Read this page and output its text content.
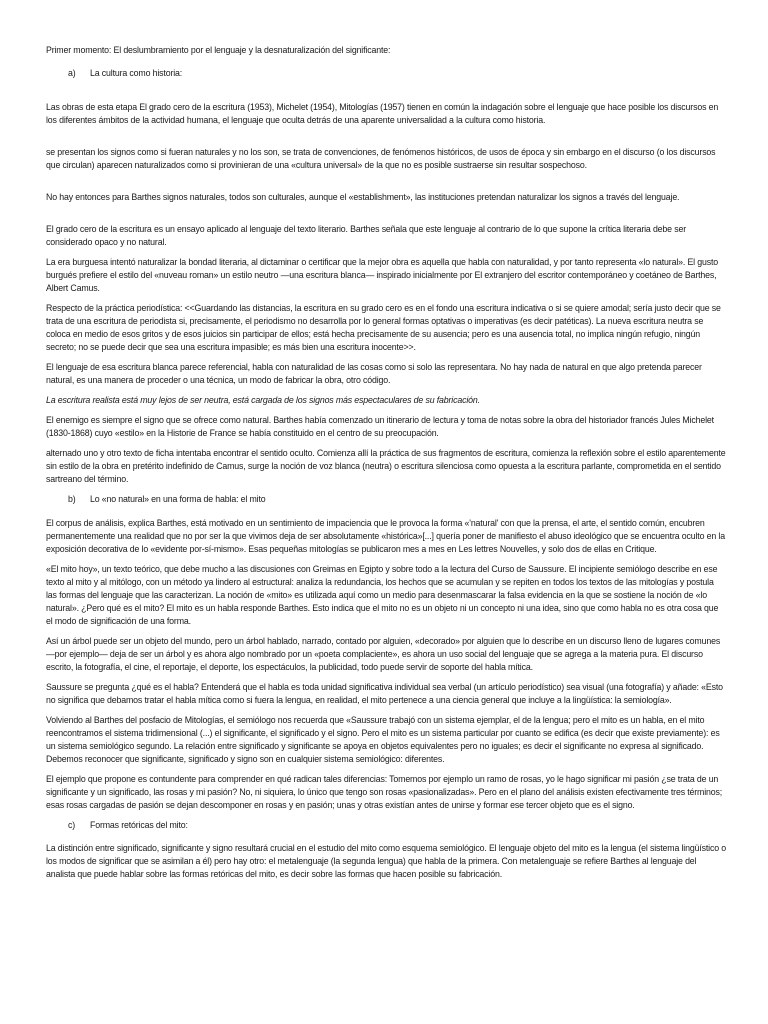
Primer momento: El deslumbramiento por el lenguaje y la desnaturalización del significante:

a) La cultura como historia:

Las obras de esta etapa El grado cero de la escritura (1953), Michelet (1954), Mitologías (1957) tienen en común la indagación sobre el lenguaje que hace posible los discursos en los diferentes ámbitos de la actividad humana, el lenguaje que oculta detrás de una aparente universalidad a la cultura como historia.

se presentan los signos como si fueran naturales y no los son, se trata de convenciones, de fenómenos históricos, de usos de época y sin embargo en el discurso (o los discursos que circulan) aparecen naturalizados como si provinieran de una «cultura universal» de la que no es posible sustraerse sin resultar sospechoso.

No hay entonces para Barthes signos naturales, todos son culturales, aunque el «establishment», las instituciones pretendan naturalizar los signos a través del lenguaje.

El grado cero de la escritura es un ensayo aplicado al lenguaje del texto literario. Barthes señala que este lenguaje al contrario de lo que supone la crítica literaria debe ser considerado opaco y no natural.

La era burguesa intentó naturalizar la bondad literaria, al dictaminar o certificar que la mejor obra es aquella que habla con naturalidad, y por tanto representa «lo natural». El gusto burgués prefiere el estilo del «nuveau roman» un estilo neutro —una escritura blanca— inspirado inicialmente por El extranjero del escritor contemporáneo y coetáneo de Barthes, Albert Camus.

Respecto de la práctica periodística: <<Guardando las distancias, la escritura en su grado cero es en el fondo una escritura indicativa o si se quiere amodal; sería justo decir que se trata de una escritura de periodista si, precisamente, el periodismo no desarrolla por lo general formas optativas o imperativas (es decir patéticas). La nueva escritura neutra se coloca en medio de esos gritos y de esos juicios sin participar de ellos; está hecha precisamente de su ausencia; pero es una ausencia total, no implica ningún refugio, ningún secreto; no se puede decir que sea una escritura impasible; es más bien una escritura inocente>>.

El lenguaje de esa escritura blanca parece referencial, habla con naturalidad de las cosas como si solo las representara. No hay nada de natural en que algo pretenda parecer natural, es una manera de proceder o una técnica, un modo de fabricar la obra, otro código.

La escritura realista está muy lejos de ser neutra, está cargada de los signos más espectaculares de su fabricación.

El enemigo es siempre el signo que se ofrece como natural. Barthes había comenzado un itinerario de lectura y toma de notas sobre la obra del historiador francés Jules Michelet (1830-1868) cuyo «estilo» en la Historie de France se había constituido en el centro de su preocupación.

alternado uno y otro texto de ficha intentaba encontrar el sentido oculto. Comienza allí la práctica de sus fragmentos de escritura, comienza la reflexión sobre el estilo aparentemente sin estilo de la obra en pretérito indefinido de Camus, surge la noción de voz blanca (neutra) o escritura silenciosa como opuesta a la escritura parlante, comprometida en el sentido sartreano del término.

b) Lo «no natural» en una forma de habla: el mito

El corpus de análisis, explica Barthes, está motivado en un sentimiento de impaciencia que le provoca la forma «'natural' con que la prensa, el arte, el sentido común, encubren permanentemente una realidad que no por ser la que vivimos deja de ser absolutamente «histórica»[...] quería poner de manifiesto el abuso ideológico que se encuentra oculto en la exposición decorativa de lo «evidente por-sí-mismo». Esas pequeñas mitologías se publicaron mes a mes en Les lettres Nouvelles, y solo dos de ellas en Critique.

«El mito hoy», un texto teórico, que debe mucho a las discusiones con Greimas en Egipto y sobre todo a la lectura del Curso de Saussure. El incipiente semiólogo describe en ese texto al mito y al mitólogo, con un método ya lindero al estructural: analiza la redundancia, los hechos que se acumulan y se repiten en todos los textos de las mitologías y postula las formas del lenguaje que las caracterizan. La noción de «mito» es utilizada aquí como un medio para desenmascarar la falsa evidencia en la que se sostiene la noción de «lo natural». ¿Pero qué es el mito? El mito es un habla responde Barthes. Esto indica que el mito no es un objeto ni un concepto ni una idea, sino que como habla no es otra cosa que el modo de significación de una forma.

Así un árbol puede ser un objeto del mundo, pero un árbol hablado, narrado, contado por alguien, «decorado» por alguien que lo describe en un discurso lleno de lugares comunes —por ejemplo— deja de ser un árbol y es ahora algo nombrado por un «poeta complaciente», es ahora un uso social del lenguaje que se agrega a la materia pura. El discurso escrito, la fotografía, el cine, el reportaje, el deporte, los espectáculos, la publicidad, todo puede servir de soporte del habla mítica.

Saussure se pregunta ¿qué es el habla? Entenderá que el habla es toda unidad significativa individual sea verbal (un artículo periodístico) sea visual (una fotografía) y añade: «Esto no significa que debamos tratar el habla mítica como si fuera la lengua, en realidad, el mito pertenece a una ciencia general que incluye a la lingüística: la semiología».

Volviendo al Barthes del posfacio de Mitologías, el semiólogo nos recuerda que «Saussure trabajó con un sistema ejemplar, el de la lengua; pero el mito es un habla, en el mito reencontramos el sistema tridimensional (...) el significante, el significado y el signo. Pero el mito es un sistema particular por cuanto se edifica (es decir que existe previamente): es un sistema semiológico segundo. La relación entre significado y significante se apoya en objetos equivalentes pero no iguales; es decir el significante no expresa al significado. Debemos reconocer que significante, significado y signo son en cualquier sistema semiológico: diferentes.

El ejemplo que propone es contundente para comprender en qué radican tales diferencias: Tomemos por ejemplo un ramo de rosas, yo le hago significar mi pasión ¿se trata de un significante y un significado, las rosas y mi pasión? No, ni siquiera, lo único que tengo son rosas «pasionalizadas». Pero en el plano del análisis existen efectivamente tres términos; esas rosas cargadas de pasión se dejan descomponer en rosas y en pasión; unas y otras existían antes de unirse y formar ese tercer objeto que es el signo.

c) Formas retóricas del mito:

La distinción entre significado, significante y signo resultará crucial en el estudio del mito como esquema semiológico. El lenguaje objeto del mito es la lengua (el sistema lingüístico o los modos de significar que se asimilan a él) pero hay otro: el metalenguaje (la segunda lengua) que habla de la primera. Con metalenguaje se refiere Barthes al lenguaje del analista que puede hablar sobre las formas retóricas del mito, es decir sobre las formas que hacen posible su fabricación.
